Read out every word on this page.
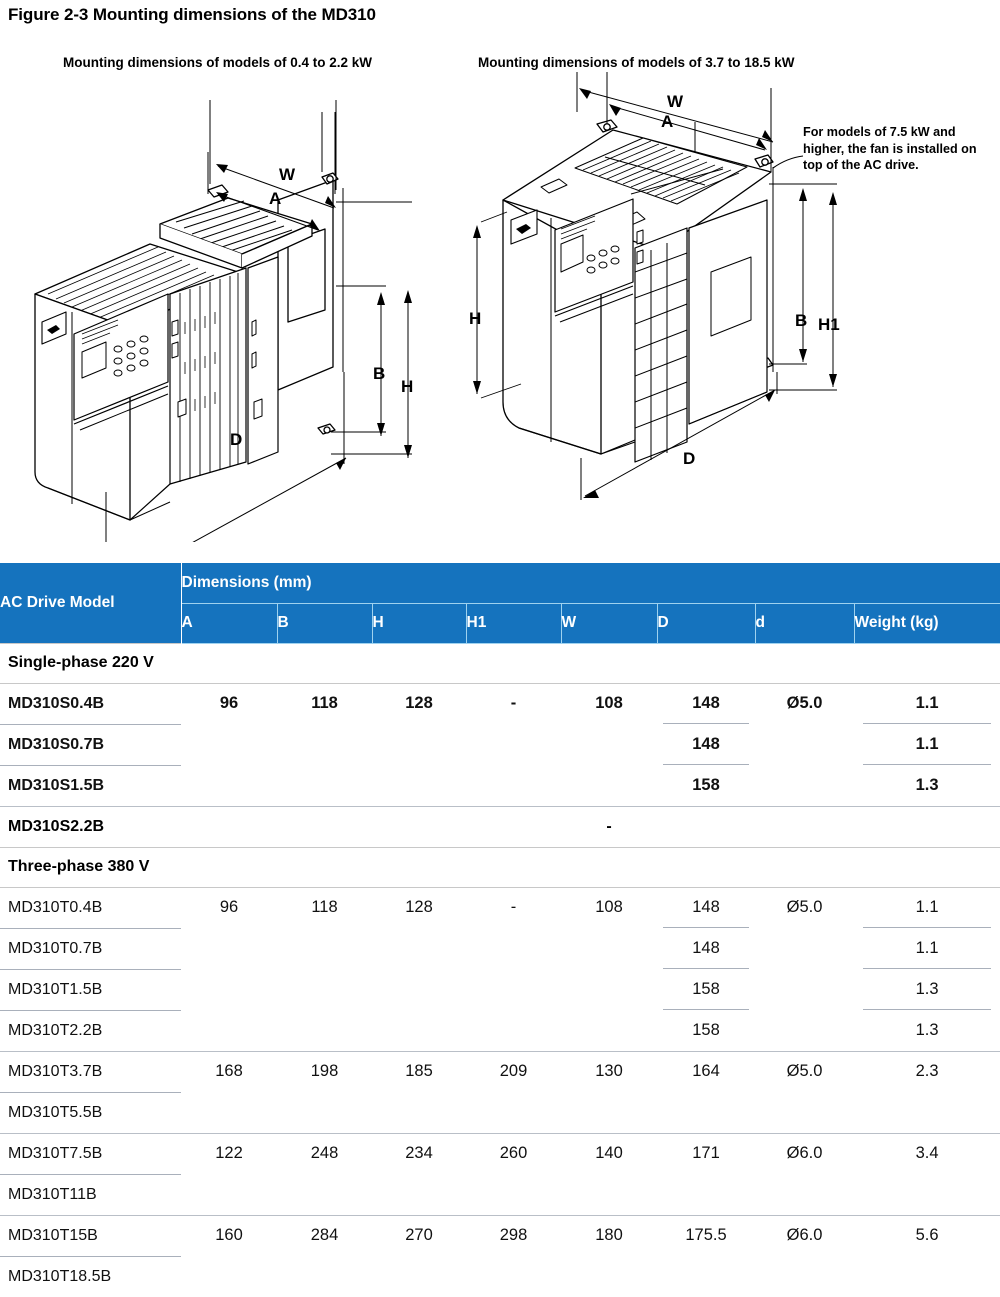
Figure 2-3 Mounting dimensions of the MD310
Mounting dimensions of models of 0.4 to 2.2 kW	Mounting dimensions of models of 3.7 to 18.5 kW
For models of 7.5 kW and higher, the fan is installed on top of the AC drive.
W
A
B
H
D
W
A
H	B H1
D
AC Drive Model	Dimensions (mm)							
	A	B	H	H1	W	D	d	Weight (kg)
Single-phase 220 V								
MD310S0.4B	96	118	128	-	108	148	Ø5.0	1.1
MD310S0.7B						148		1.1
MD310S1.5B						158		1.3
MD310S2.2B					-			
Three-phase 380 V								
MD310T0.4B	96	118	128	-	108	148	Ø5.0	1.1
MD310T0.7B						148		1.1
MD310T1.5B						158		1.3
MD310T2.2B						158		1.3
MD310T3.7B	168	198	185	209	130	164	Ø5.0	2.3
MD310T5.5B								
MD310T7.5B	122	248	234	260	140	171	Ø6.0	3.4
MD310T11B								
MD310T15B	160	284	270	298	180	175.5	Ø6.0	5.6
MD310T18.5B								
